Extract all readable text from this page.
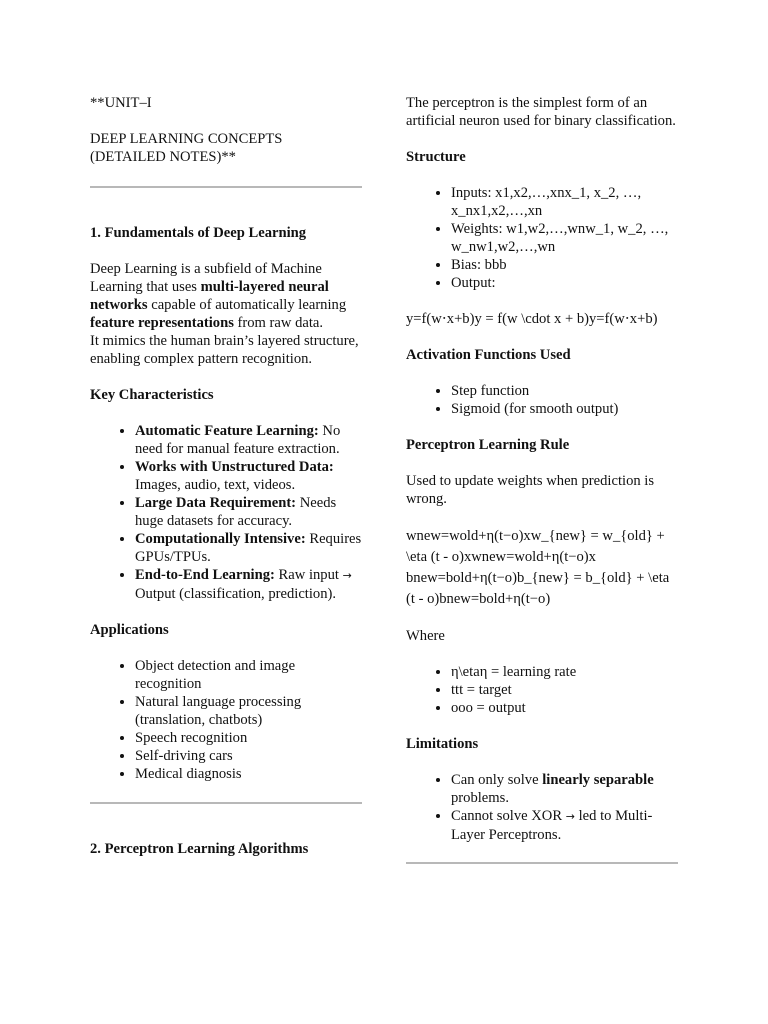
**UNIT–I

DEEP LEARNING CONCEPTS

(DETAILED NOTES)**

1. Fundamentals of Deep Learning

Deep Learning is a subfield of Machine Learning that uses multi-layered neural networks capable of automatically learning feature representations from raw data.
It mimics the human brain’s layered structure, enabling complex pattern recognition.

Key Characteristics
• Automatic Feature Learning: No need for manual feature extraction.
• Works with Unstructured Data: Images, audio, text, videos.
• Large Data Requirement: Needs huge datasets for accuracy.
• Computationally Intensive: Requires GPUs/TPUs.
• End-to-End Learning: Raw input → Output (classification, prediction).
Applications
• Object detection and image recognition
• Natural language processing (translation, chatbots)
• Speech recognition
• Self-driving cars
• Medical diagnosis
2. Perceptron Learning Algorithms

The perceptron is the simplest form of an artificial neuron used for binary classification.

Structure
• Inputs: x1,x2,…,xnx_1, x_2, …, x_nx1,x2,…,xn
• Weights: w1,w2,…,wnw_1, w_2, …, w_nw1,w2,…,wn
• Bias: bbb
• Output:

y=f(w⋅x+b)y = f(w \cdot x + b)y=f(w⋅x+b)

Activation Functions Used
• Step function
• Sigmoid (for smooth output)
Perceptron Learning Rule

Used to update weights when prediction is wrong.

wnew=wold+η(t−o)xw_{new} = w_{old} + \eta (t - o)xwnew=wold+η(t−o)x bnew=bold+η(t−o)b_{new} = b_{old} + \eta (t - o)bnew=bold+η(t−o)

Where

• η\etaη = learning rate
• ttt = target
• ooo = output
Limitations
• Can only solve linearly separable problems.
• Cannot solve XOR → led to Multi-Layer Perceptrons.
